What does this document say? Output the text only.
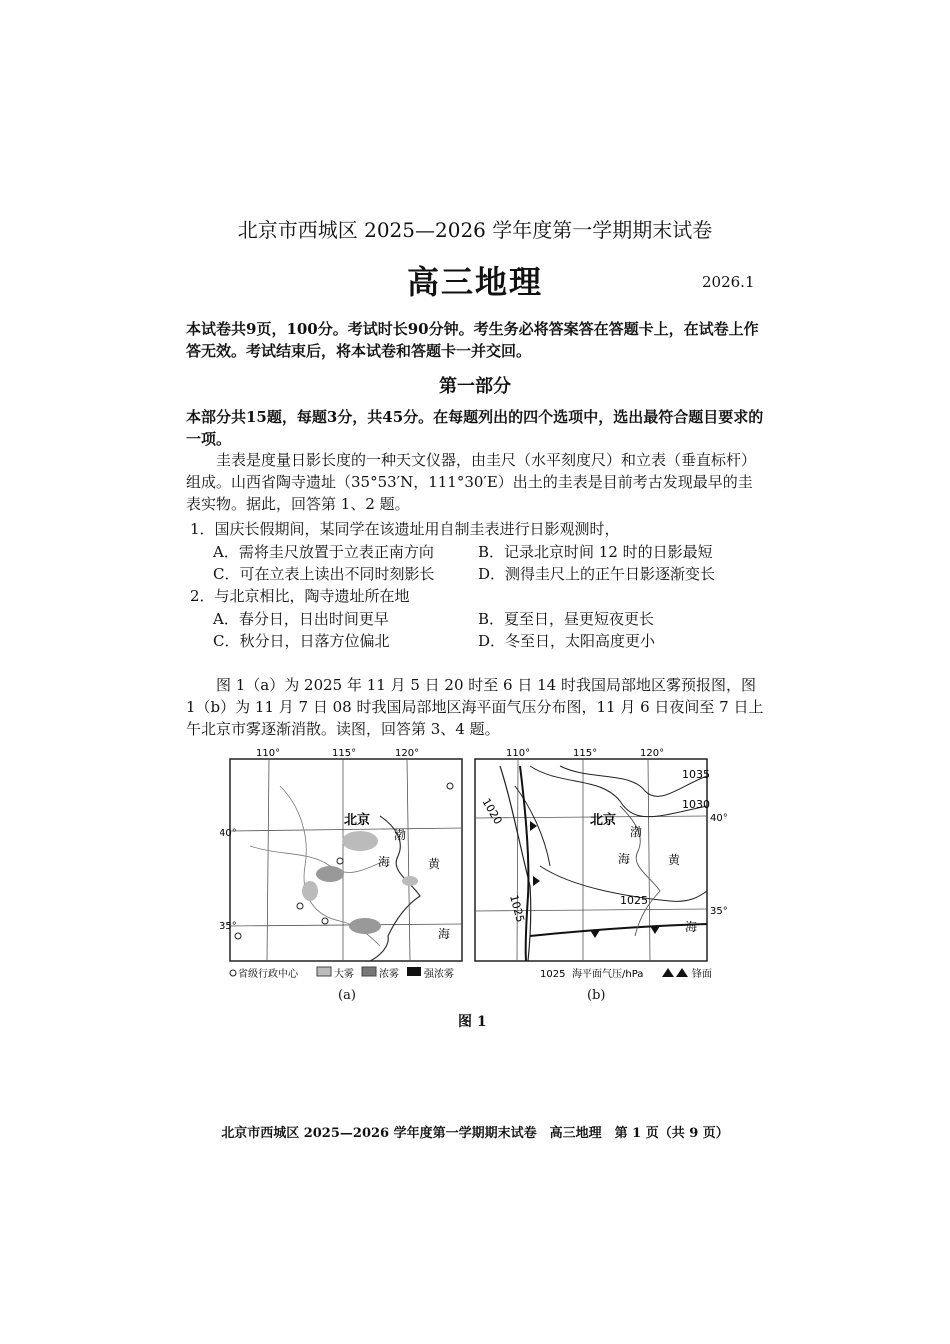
北京市西城区 2025—2026 学年度第一学期期末试卷
高三地理	2026.1
本试卷共9页，100分。考试时长90分钟。考生务必将答案答在答题卡上，在试卷上作答无效。考试结束后，将本试卷和答题卡一并交回。
第一部分
本部分共15题，每题3分，共45分。在每题列出的四个选项中，选出最符合题目要求的一项。
圭表是度量日影长度的一种天文仪器，由圭尺（水平刻度尺）和立表（垂直标杆）组成。山西省陶寺遗址（35°53′N，111°30′E）出土的圭表是目前考古发现最早的圭表实物。据此，回答第 1、2 题。
1．国庆长假期间，某同学在该遗址用自制圭表进行日影观测时，
A．需将圭尺放置于立表正南方向	B．记录北京时间 12 时的日影最短
C．可在立表上读出不同时刻影长	D．测得圭尺上的正午日影逐渐变长
2．与北京相比，陶寺遗址所在地
A．春分日，日出时间更早	B．夏至日，昼更短夜更长
C．秋分日，日落方位偏北	D．冬至日，太阳高度更小
图 1（a）为 2025 年 11 月 5 日 20 时至 6 日 14 时我国局部地区雾预报图，图 1（b）为 11 月 7 日 08 时我国局部地区海平面气压分布图，11 月 6 日夜间至 7 日上午北京市雾逐渐消散。读图，回答第 3、4 题。
110°	115°	120°
40°
35°
北京
渤
海	黄
海
省级行政中心	大雾	浓雾	强浓雾
(a)
110°	115°	120°
40°
35°
1020
1025	1025
1030
1035
北京
渤
海	黄
海
1025 海平面气压/hPa	锋面
(b)
图 1
北京市西城区 2025—2026 学年度第一学期期末试卷　高三地理　第 1 页（共 9 页）
